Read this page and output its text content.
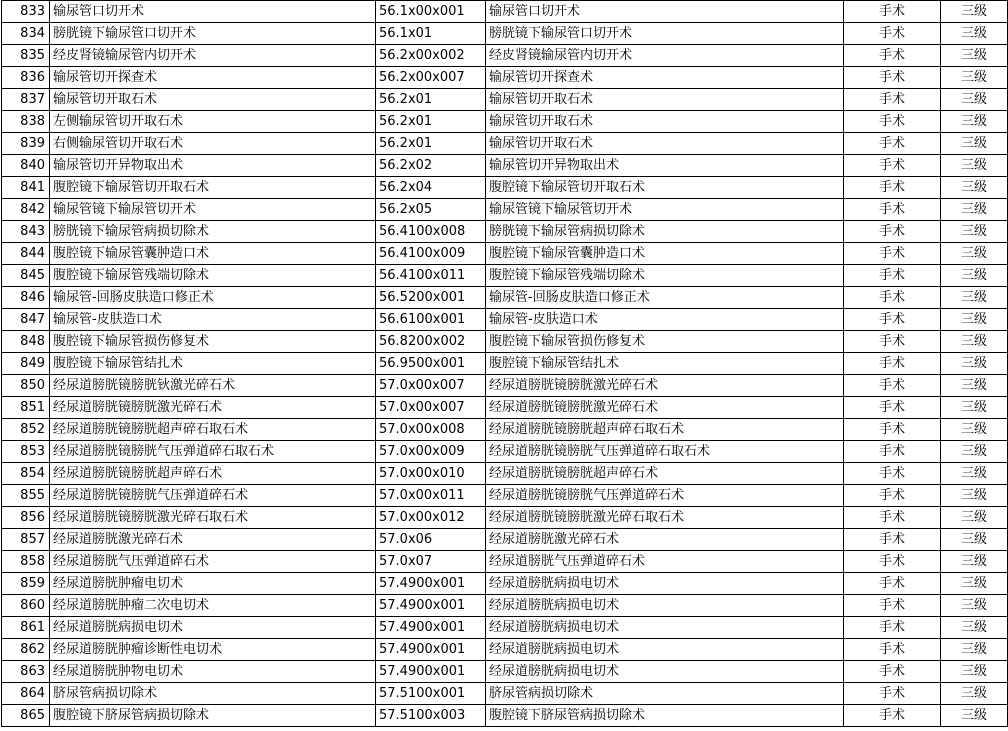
833	输尿管口切开术	56.1x00x001	输尿管口切开术	手术	三级
834	膀胱镜下输尿管口切开术	56.1x01	膀胱镜下输尿管口切开术	手术	三级
835	经皮肾镜输尿管内切开术	56.2x00x002	经皮肾镜输尿管内切开术	手术	三级
836	输尿管切开探查术	56.2x00x007	输尿管切开探查术	手术	三级
837	输尿管切开取石术	56.2x01	输尿管切开取石术	手术	三级
838	左侧输尿管切开取石术	56.2x01	输尿管切开取石术	手术	三级
839	右侧输尿管切开取石术	56.2x01	输尿管切开取石术	手术	三级
840	输尿管切开异物取出术	56.2x02	输尿管切开异物取出术	手术	三级
841	腹腔镜下输尿管切开取石术	56.2x04	腹腔镜下输尿管切开取石术	手术	三级
842	输尿管镜下输尿管切开术	56.2x05	输尿管镜下输尿管切开术	手术	三级
843	膀胱镜下输尿管病损切除术	56.4100x008	膀胱镜下输尿管病损切除术	手术	三级
844	腹腔镜下输尿管囊肿造口术	56.4100x009	腹腔镜下输尿管囊肿造口术	手术	三级
845	腹腔镜下输尿管残端切除术	56.4100x011	腹腔镜下输尿管残端切除术	手术	三级
846	输尿管-回肠皮肤造口修正术	56.5200x001	输尿管-回肠皮肤造口修正术	手术	三级
847	输尿管-皮肤造口术	56.6100x001	输尿管-皮肤造口术	手术	三级
848	腹腔镜下输尿管损伤修复术	56.8200x002	腹腔镜下输尿管损伤修复术	手术	三级
849	腹腔镜下输尿管结扎术	56.9500x001	腹腔镜下输尿管结扎术	手术	三级
850	经尿道膀胱镜膀胱钬激光碎石术	57.0x00x007	经尿道膀胱镜膀胱激光碎石术	手术	三级
851	经尿道膀胱镜膀胱激光碎石术	57.0x00x007	经尿道膀胱镜膀胱激光碎石术	手术	三级
852	经尿道膀胱镜膀胱超声碎石取石术	57.0x00x008	经尿道膀胱镜膀胱超声碎石取石术	手术	三级
853	经尿道膀胱镜膀胱气压弹道碎石取石术	57.0x00x009	经尿道膀胱镜膀胱气压弹道碎石取石术	手术	三级
854	经尿道膀胱镜膀胱超声碎石术	57.0x00x010	经尿道膀胱镜膀胱超声碎石术	手术	三级
855	经尿道膀胱镜膀胱气压弹道碎石术	57.0x00x011	经尿道膀胱镜膀胱气压弹道碎石术	手术	三级
856	经尿道膀胱镜膀胱激光碎石取石术	57.0x00x012	经尿道膀胱镜膀胱激光碎石取石术	手术	三级
857	经尿道膀胱激光碎石术	57.0x06	经尿道膀胱激光碎石术	手术	三级
858	经尿道膀胱气压弹道碎石术	57.0x07	经尿道膀胱气压弹道碎石术	手术	三级
859	经尿道膀胱肿瘤电切术	57.4900x001	经尿道膀胱病损电切术	手术	三级
860	经尿道膀胱肿瘤二次电切术	57.4900x001	经尿道膀胱病损电切术	手术	三级
861	经尿道膀胱病损电切术	57.4900x001	经尿道膀胱病损电切术	手术	三级
862	经尿道膀胱肿瘤诊断性电切术	57.4900x001	经尿道膀胱病损电切术	手术	三级
863	经尿道膀胱肿物电切术	57.4900x001	经尿道膀胱病损电切术	手术	三级
864	脐尿管病损切除术	57.5100x001	脐尿管病损切除术	手术	三级
865	腹腔镜下脐尿管病损切除术	57.5100x003	腹腔镜下脐尿管病损切除术	手术	三级
